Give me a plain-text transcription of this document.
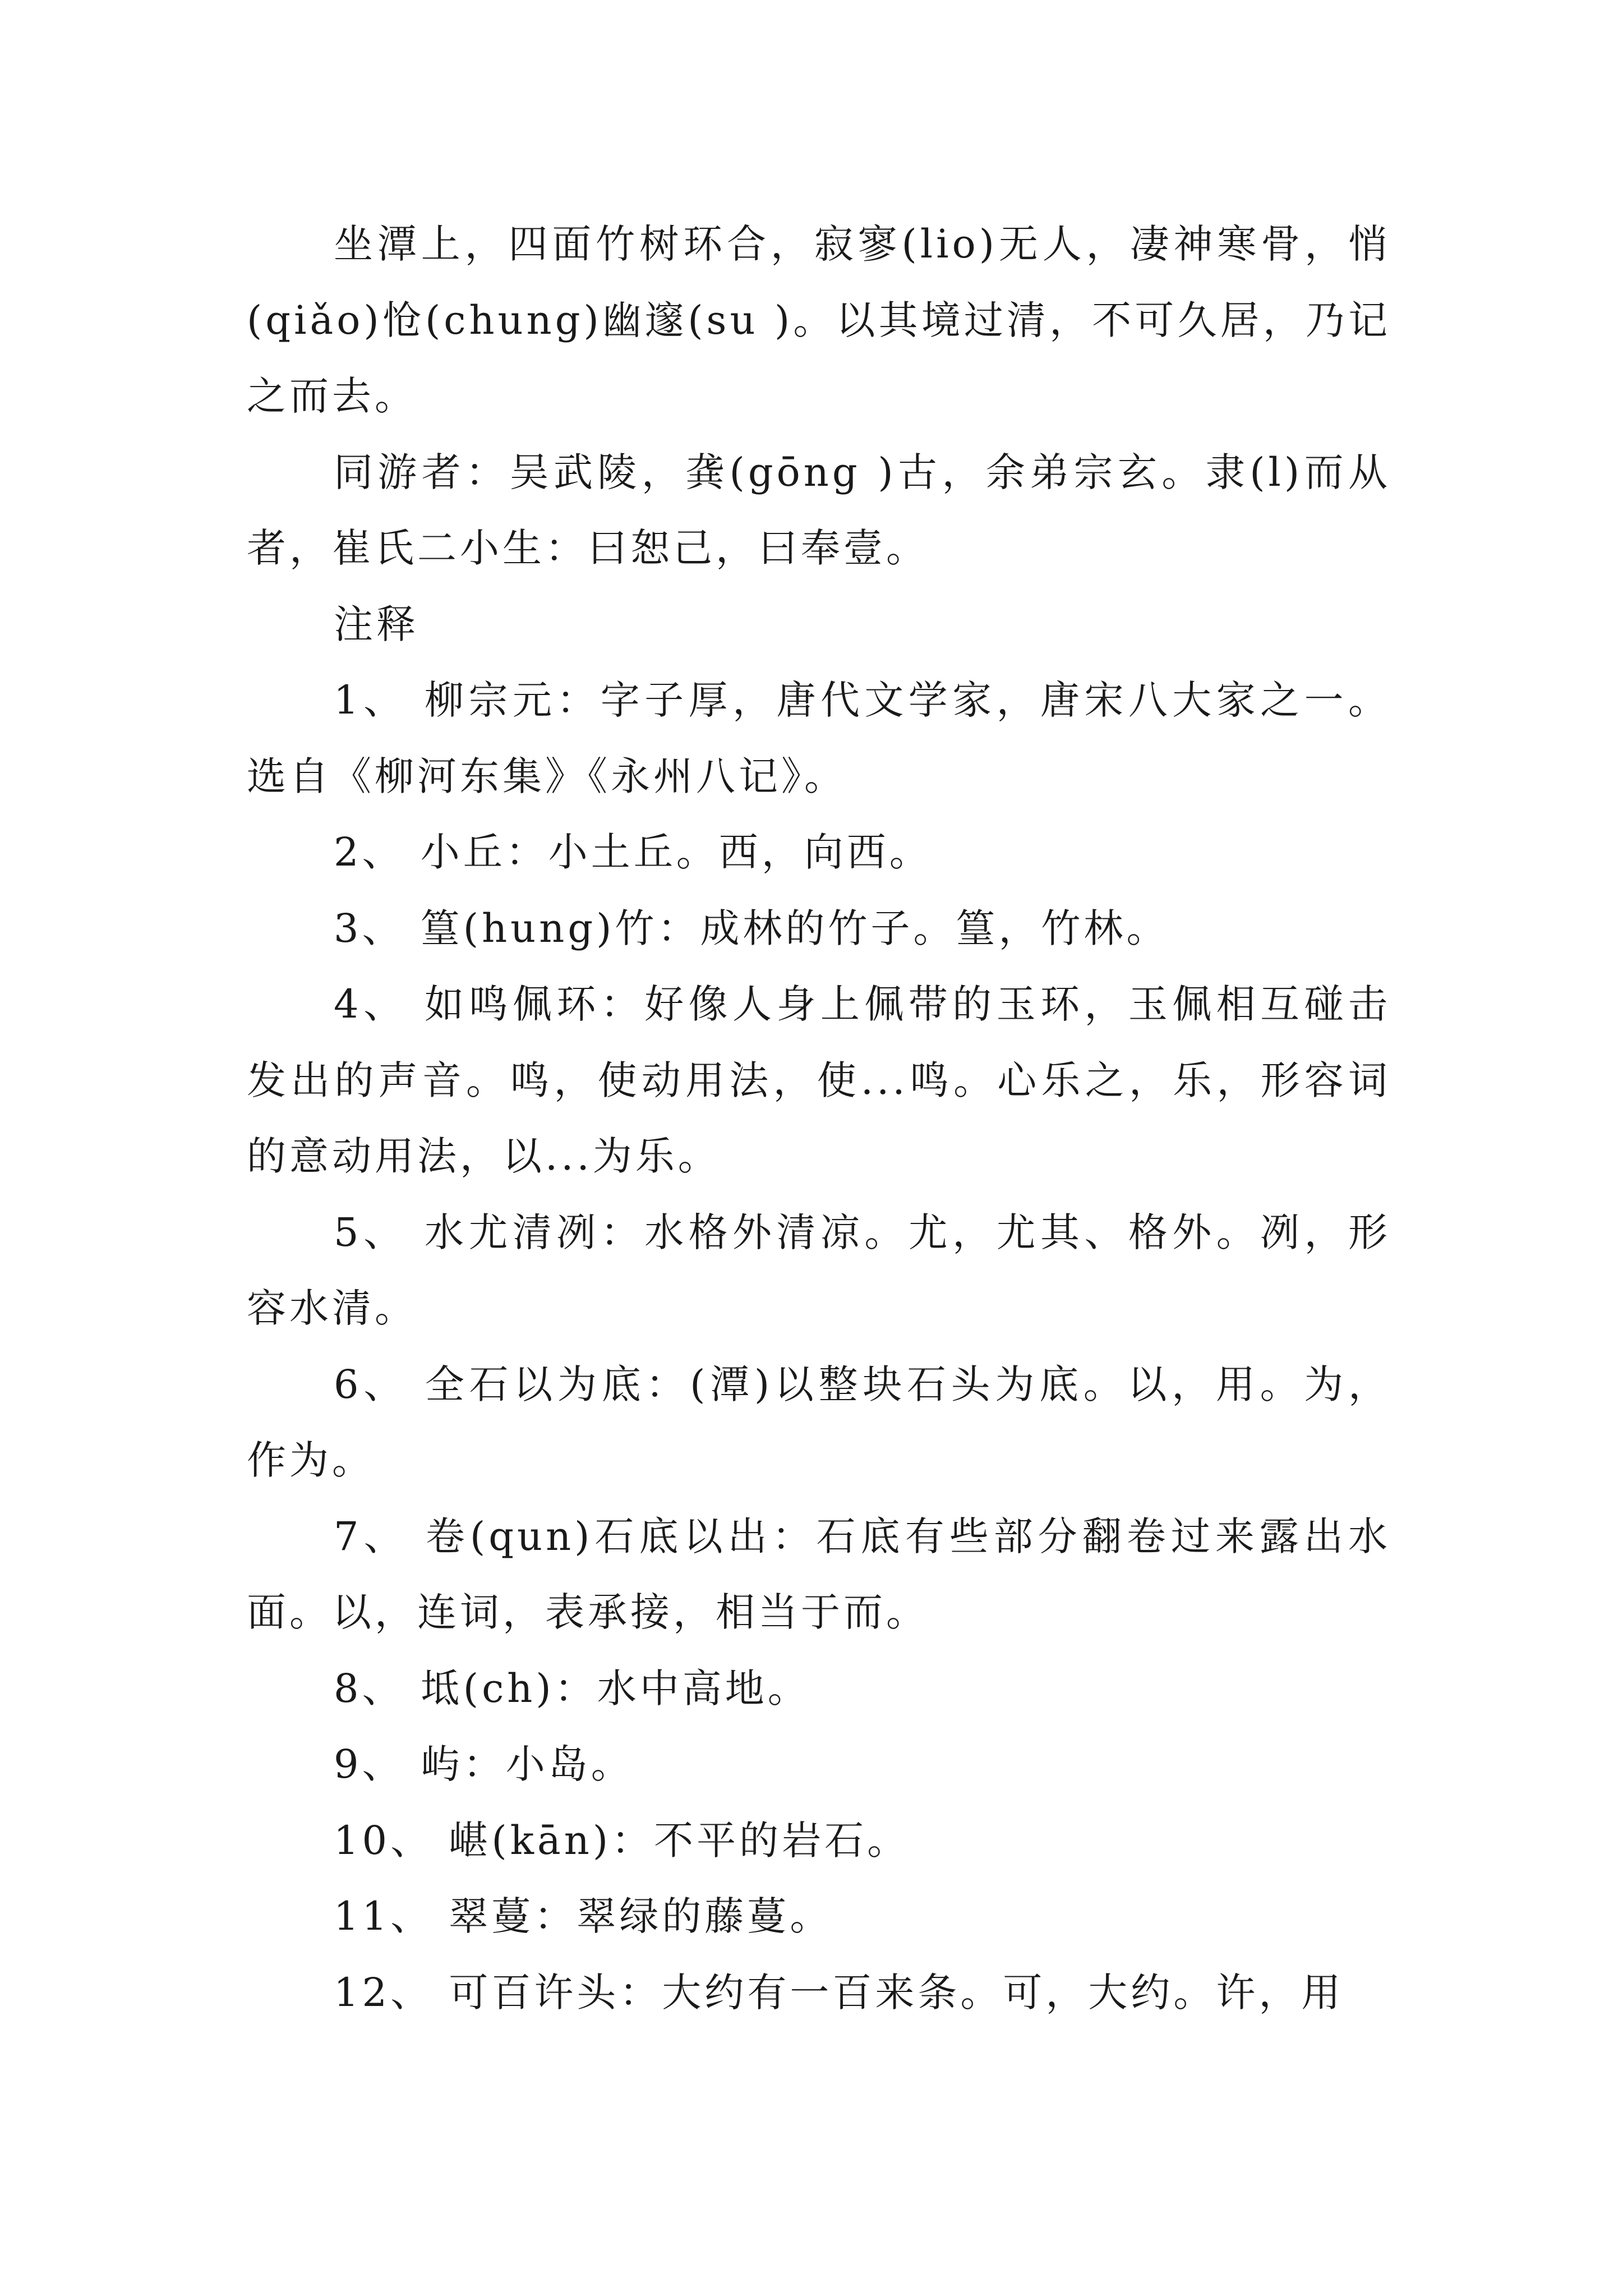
坐潭上，四面竹树环合，寂寥(lio)无人，凄神寒骨，悄(qiǎo)怆(chung)幽邃(su )。以其境过清，不可久居，乃记之而去。

同游者：吴武陵，龚(gōng )古，余弟宗玄。隶(l)而从者，崔氏二小生：曰恕己，曰奉壹。

注释

1、 柳宗元：字子厚，唐代文学家，唐宋八大家之一。选自《柳河东集》《永州八记》。

2、 小丘：小土丘。西，向西。

3、 篁(hung)竹：成林的竹子。篁，竹林。

4、 如鸣佩环：好像人身上佩带的玉环，玉佩相互碰击发出的声音。鸣，使动用法，使...鸣。心乐之，乐，形容词的意动用法，以...为乐。

5、 水尤清冽：水格外清凉。尤，尤其、格外。冽，形容水清。

6、 全石以为底：(潭)以整块石头为底。以，用。为，作为。

7、 卷(qun)石底以出：石底有些部分翻卷过来露出水面。以，连词，表承接，相当于而。

8、 坻(ch)：水中高地。

9、 屿：小岛。

10、 嵁(kān)：不平的岩石。

11、 翠蔓：翠绿的藤蔓。

12、 可百许头：大约有一百来条。可，大约。许，用
